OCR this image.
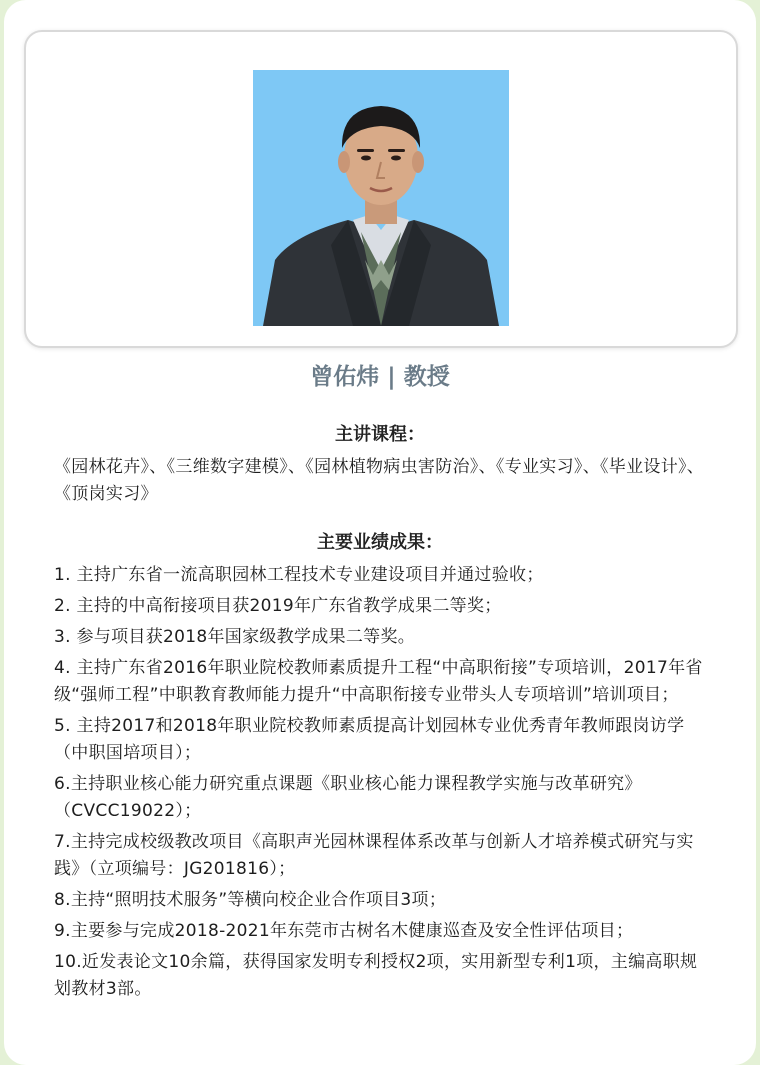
曾佑炜 | 教授
主讲课程：
《园林花卉》、《三维数字建模》、《园林植物病虫害防治》、《专业实习》、《毕业设计》、《顶岗实习》
主要业绩成果：
1. 主持广东省一流高职园林工程技术专业建设项目并通过验收；
2. 主持的中高衔接项目获2019年广东省教学成果二等奖；
3. 参与项目获2018年国家级教学成果二等奖。
4. 主持广东省2016年职业院校教师素质提升工程“中高职衔接”专项培训，2017年省级“强师工程”中职教育教师能力提升“中高职衔接专业带头人专项培训”培训项目；
5. 主持2017和2018年职业院校教师素质提高计划园林专业优秀青年教师跟岗访学（中职国培项目）；
6.主持职业核心能力研究重点课题《职业核心能力课程教学实施与改革研究》（CVCC19022）；
7.主持完成校级教改项目《高职声光园林课程体系改革与创新人才培养模式研究与实践》（立项编号：JG201816）；
8.主持“照明技术服务”等横向校企业合作项目3项；
9.主要参与完成2018-2021年东莞市古树名木健康巡查及安全性评估项目；
10.近发表论文10余篇，获得国家发明专利授权2项，实用新型专利1项，主编高职规划教材3部。
